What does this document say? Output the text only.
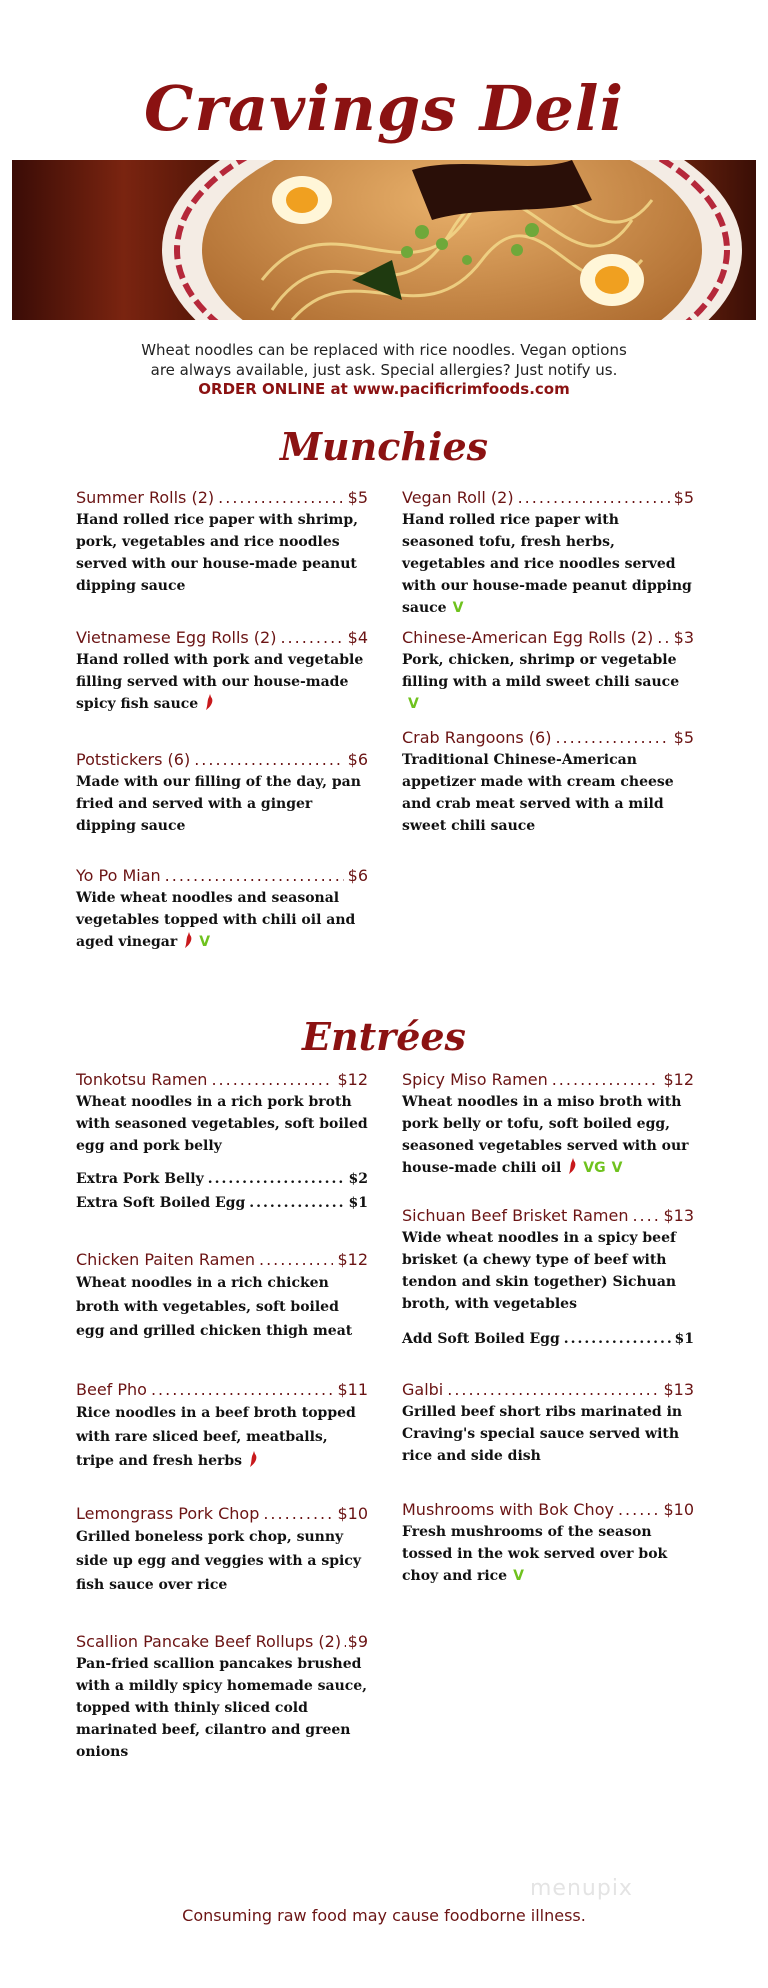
Cravings Deli
Wheat noodles can be replaced with rice noodles. Vegan options
are always available, just ask. Special allergies? Just notify us.
ORDER ONLINE at www.pacificrimfoods.com
Munchies
Summer Rolls (2) .....	$5
Hand rolled rice paper with shrimp, pork, vegetables and rice noodles served with our house-made peanut dipping sauce
Vegan Roll (2) .....	$5
Hand rolled rice paper with seasoned tofu, fresh herbs, vegetables and rice noodles served with our house-made peanut dipping sauce V
Vietnamese Egg Rolls (2) .....	$4
Hand rolled with pork and vegetable filling served with our house-made spicy fish sauce
Chinese-American Egg Rolls (2) ..... $3
Pork, chicken, shrimp or vegetable filling with a mild sweet chili sauceV
Potstickers (6) .....	$6
Made with our filling of the day, pan fried and served with a ginger dipping sauce
Crab Rangoons (6) .....	$5
Traditional Chinese-American appetizer made with cream cheese and crab meat served with a mild sweet chili sauce
Yo Po Mian .....	$6
Wide wheat noodles and seasonal vegetables topped with chili oil and aged vinegar V
Entrées
Tonkotsu Ramen .....	$12
Wheat noodles in a rich pork broth with seasoned vegetables, soft boiled egg and pork belly
Extra Pork Belly .....	$2
Extra Soft Boiled Egg .....	$1
Spicy Miso Ramen .....	$12
Wheat noodles in a miso broth with pork belly or tofu, soft boiled egg, seasoned vegetables served with our house-made chili oil VG V
Chicken Paiten Ramen .....	$12
Wheat noodles in a rich chicken broth with vegetables, soft boiled egg and grilled chicken thigh meat
Sichuan Beef Brisket Ramen ..... $13
Wide wheat noodles in a spicy beef brisket (a chewy type of beef with tendon and skin together) Sichuan broth, with vegetables
Add Soft Boiled Egg .....	$1
Beef Pho .....	$11
Rice noodles in a beef broth topped with rare sliced beef, meatballs, tripe and fresh herbs
Galbi .....	$13
Grilled beef short ribs marinated in Craving's special sauce served with rice and side dish
Lemongrass Pork Chop .....	$10
Grilled boneless pork chop, sunny side up egg and veggies with a spicy fish sauce over rice
Mushrooms with Bok Choy .....	$10
Fresh mushrooms of the season tossed in the wok served over bok choy and rice V
Scallion Pancake Beef Rollups (2) ..... $9
Pan-fried scallion pancakes brushed with a mildly spicy homemade sauce, topped with thinly sliced cold marinated beef, cilantro and green onions
menupix
Consuming raw food may cause foodborne illness.
